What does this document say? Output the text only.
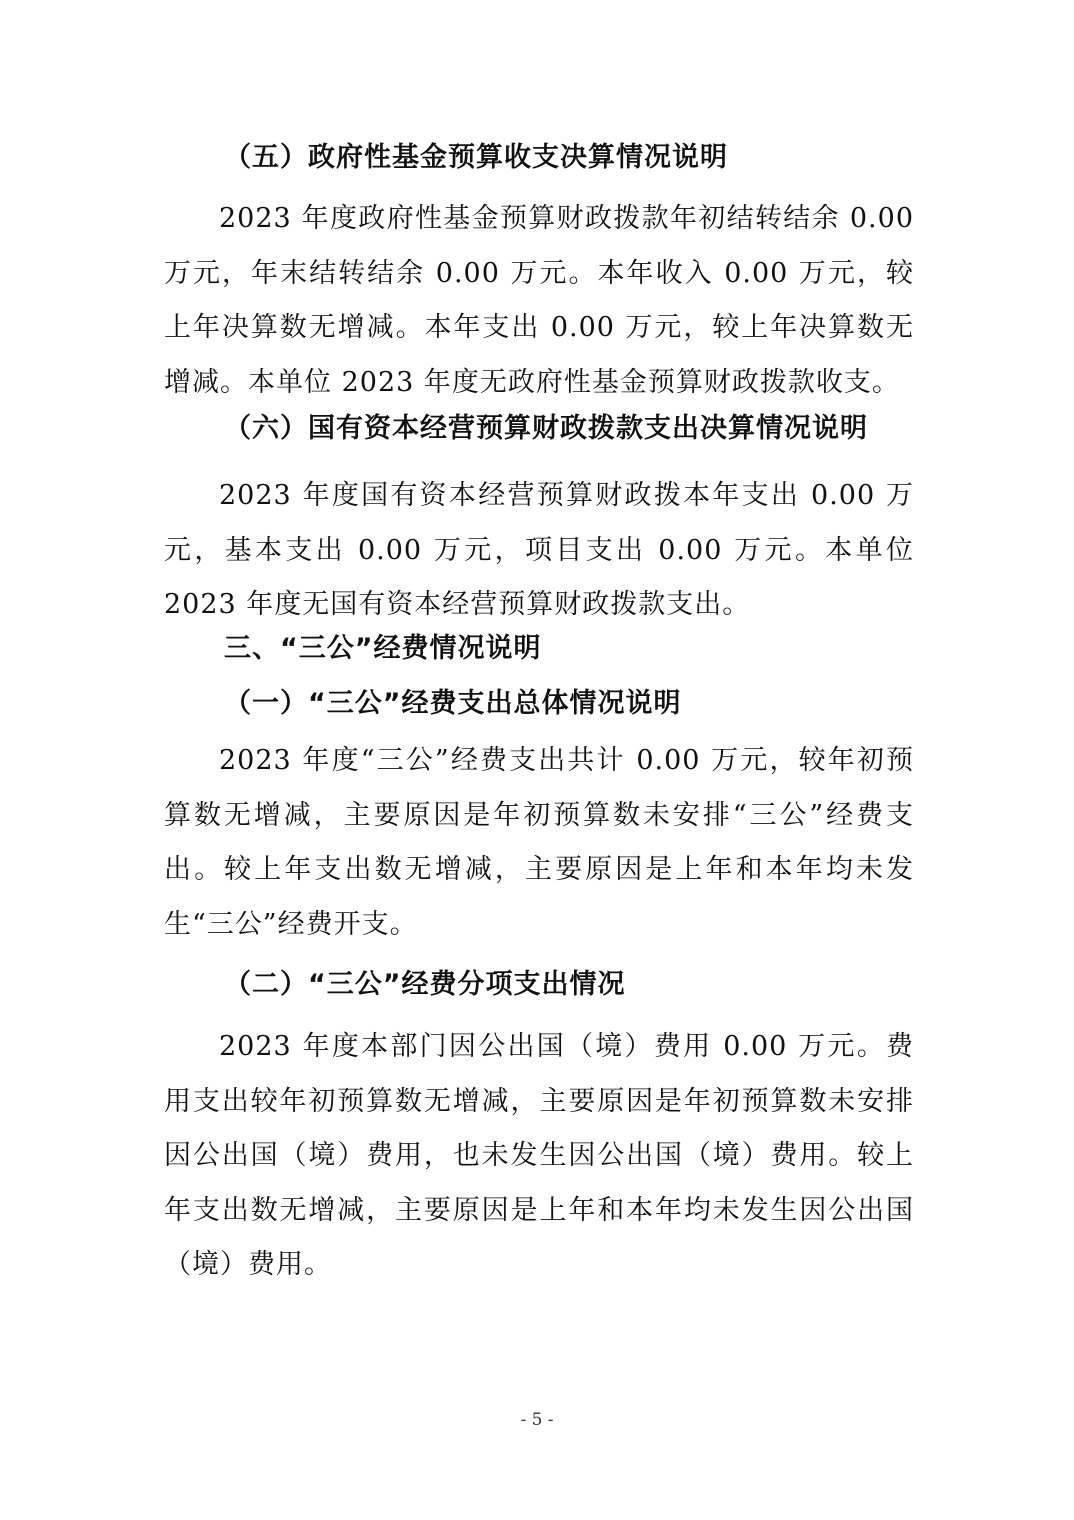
（五）政府性基金预算收支决算情况说明
2023 年度政府性基金预算财政拨款年初结转结余 0.00 万元，年末结转结余 0.00 万元。本年收入 0.00 万元，较上年决算数无增减。本年支出 0.00 万元，较上年决算数无增减。本单位 2023 年度无政府性基金预算财政拨款收支。
（六）国有资本经营预算财政拨款支出决算情况说明
2023 年度国有资本经营预算财政拨本年支出 0.00 万元，基本支出 0.00 万元，项目支出 0.00 万元。本单位 2023 年度无国有资本经营预算财政拨款支出。
三、“三公”经费情况说明
（一）“三公”经费支出总体情况说明
2023 年度“三公”经费支出共计 0.00 万元，较年初预算数无增减，主要原因是年初预算数未安排“三公”经费支出。较上年支出数无增减，主要原因是上年和本年均未发生“三公”经费开支。
（二）“三公”经费分项支出情况
2023 年度本部门因公出国（境）费用 0.00 万元。费用支出较年初预算数无增减，主要原因是年初预算数未安排因公出国（境）费用，也未发生因公出国（境）费用。较上年支出数无增减，主要原因是上年和本年均未发生因公出国（境）费用。
- 5 -
